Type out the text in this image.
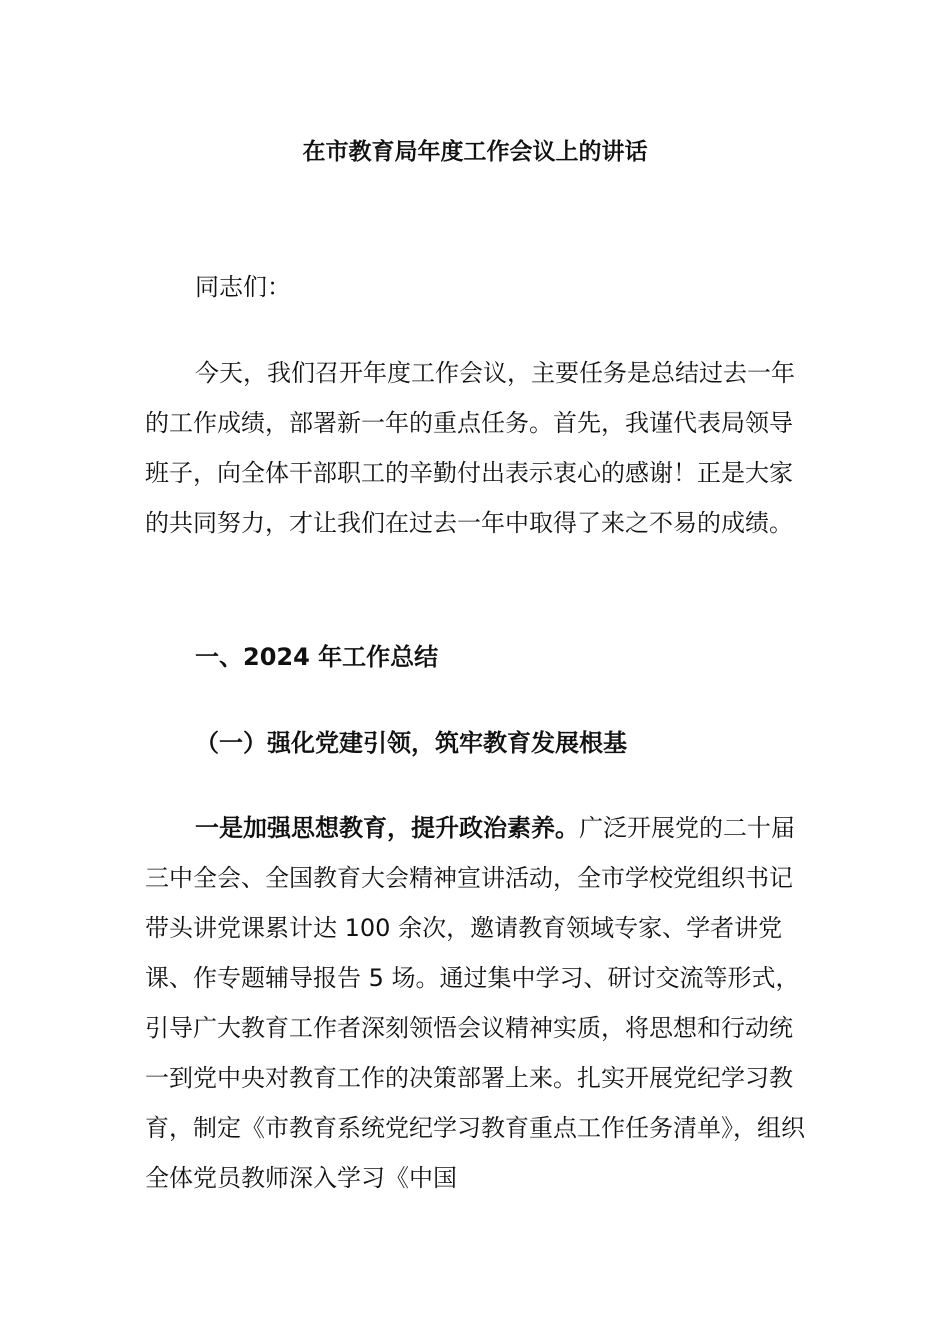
在市教育局年度工作会议上的讲话

同志们：

今天，我们召开年度工作会议，主要任务是总结过去一年的工作成绩，部署新一年的重点任务。首先，我谨代表局领导班子，向全体干部职工的辛勤付出表示衷心的感谢！正是大家的共同努力，才让我们在过去一年中取得了来之不易的成绩。

一、2024 年工作总结

（一）强化党建引领，筑牢教育发展根基

一是加强思想教育，提升政治素养。广泛开展党的二十届三中全会、全国教育大会精神宣讲活动，全市学校党组织书记带头讲党课累计达 100 余次，邀请教育领域专家、学者讲党课、作专题辅导报告 5 场。通过集中学习、研讨交流等形式，引导广大教育工作者深刻领悟会议精神实质，将思想和行动统一到党中央对教育工作的决策部署上来。扎实开展党纪学习教育，制定《市教育系统党纪学习教育重点工作任务清单》，组织全体党员教师深入学习《中国
